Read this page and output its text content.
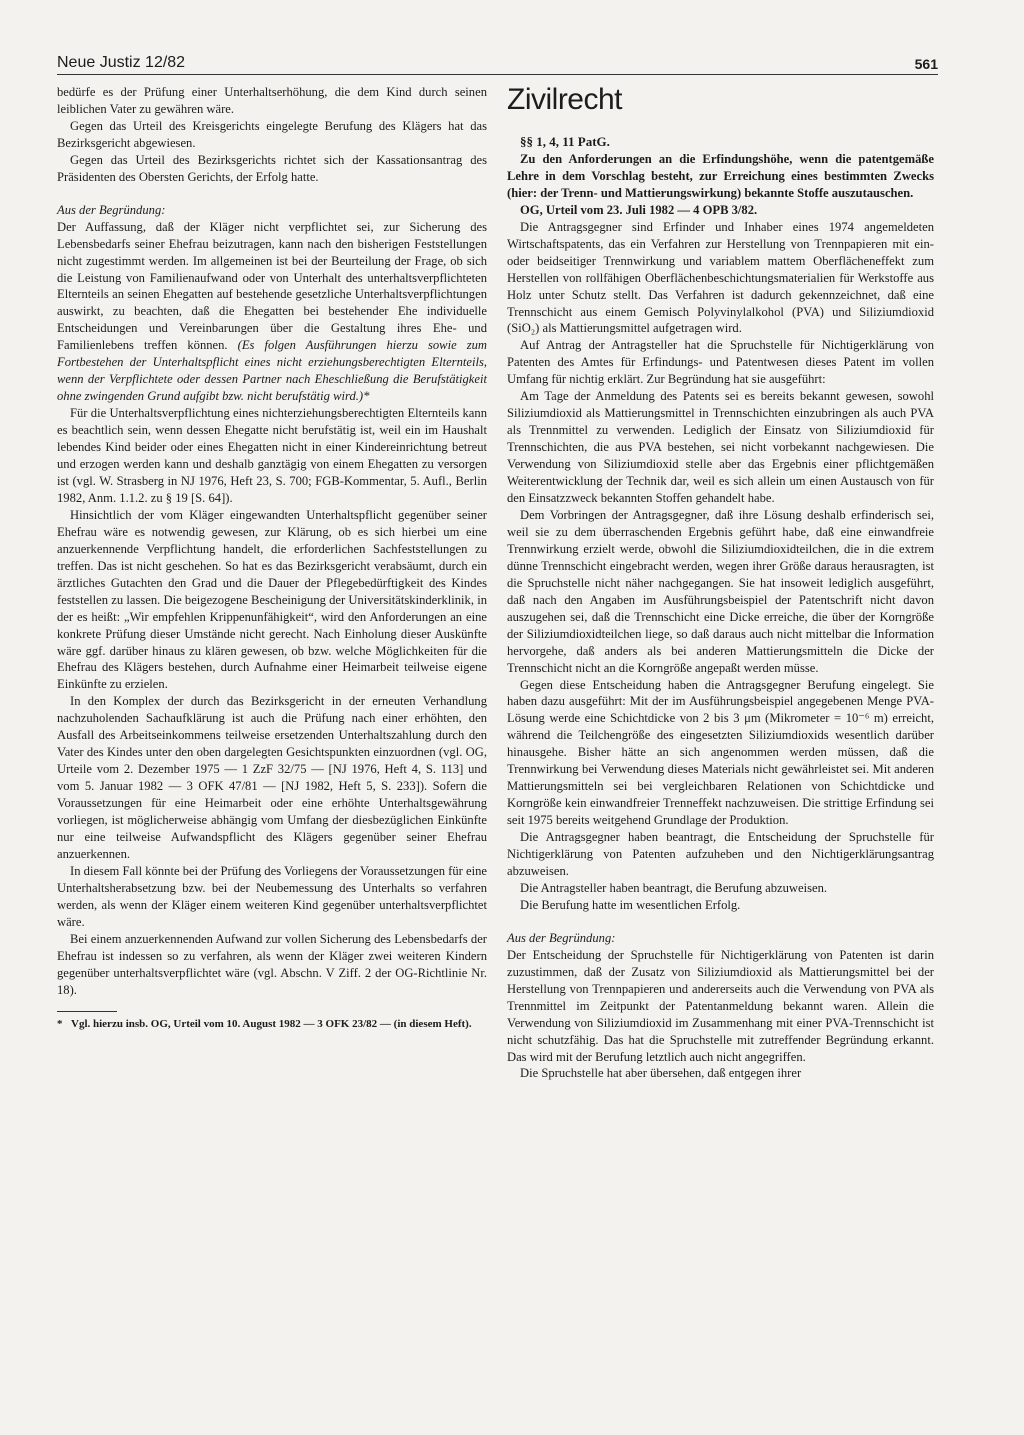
Neue Justiz 12/82	561

bedürfe es der Prüfung einer Unterhaltserhöhung, die dem Kind durch seinen leiblichen Vater zu gewähren wäre.

Gegen das Urteil des Kreisgerichts eingelegte Berufung des Klägers hat das Bezirksgericht abgewiesen.

Gegen das Urteil des Bezirksgerichts richtet sich der Kassationsantrag des Präsidenten des Obersten Gerichts, der Erfolg hatte.

Aus der Begründung:

Der Auffassung, daß der Kläger nicht verpflichtet sei, zur Sicherung des Lebensbedarfs seiner Ehefrau beizutragen, kann nach den bisherigen Feststellungen nicht zugestimmt werden. Im allgemeinen ist bei der Beurteilung der Frage, ob sich die Leistung von Familienaufwand oder von Unterhalt des unterhaltsverpflichteten Elternteils an seinen Ehegatten auf bestehende gesetzliche Unterhaltsverpflichtungen auswirkt, zu beachten, daß die Ehegatten bei bestehender Ehe individuelle Entscheidungen und Vereinbarungen über die Gestaltung ihres Ehe- und Familienlebens treffen können. (Es folgen Ausführungen hierzu sowie zum Fortbestehen der Unterhaltspflicht eines nicht erziehungsberechtigten Elternteils, wenn der Verpflichtete oder dessen Partner nach Eheschließung die Berufstätigkeit ohne zwingenden Grund aufgibt bzw. nicht berufstätig wird.)*

Für die Unterhaltsverpflichtung eines nichterziehungsberechtigten Elternteils kann es beachtlich sein, wenn dessen Ehegatte nicht berufstätig ist, weil ein im Haushalt lebendes Kind beider oder eines Ehegatten nicht in einer Kindereinrichtung betreut und erzogen werden kann und deshalb ganztägig von einem Ehegatten zu versorgen ist (vgl. W. Strasberg in NJ 1976, Heft 23, S. 700; FGB-Kommentar, 5. Aufl., Berlin 1982, Anm. 1.1.2. zu § 19 [S. 64]).

Hinsichtlich der vom Kläger eingewandten Unterhaltspflicht gegenüber seiner Ehefrau wäre es notwendig gewesen, zur Klärung, ob es sich hierbei um eine anzuerkennende Verpflichtung handelt, die erforderlichen Sachfeststellungen zu treffen. Das ist nicht geschehen. So hat es das Bezirksgericht verabsäumt, durch ein ärztliches Gutachten den Grad und die Dauer der Pflegebedürftigkeit des Kindes feststellen zu lassen. Die beigezogene Bescheinigung der Universitätskinderklinik, in der es heißt: „Wir empfehlen Krippenunfähigkeit“, wird den Anforderungen an eine konkrete Prüfung dieser Umstände nicht gerecht. Nach Einholung dieser Auskünfte wäre ggf. darüber hinaus zu klären gewesen, ob bzw. welche Möglichkeiten für die Ehefrau des Klägers bestehen, durch Aufnahme einer Heimarbeit teilweise eigene Einkünfte zu erzielen.

In den Komplex der durch das Bezirksgericht in der erneuten Verhandlung nachzuholenden Sachaufklärung ist auch die Prüfung nach einer erhöhten, den Ausfall des Arbeitseinkommens teilweise ersetzenden Unterhaltszahlung durch den Vater des Kindes unter den oben dargelegten Gesichtspunkten einzuordnen (vgl. OG, Urteile vom 2. Dezember 1975 — 1 ZzF 32/75 — [NJ 1976, Heft 4, S. 113] und vom 5. Januar 1982 — 3 OFK 47/81 — [NJ 1982, Heft 5, S. 233]). Sofern die Voraussetzungen für eine Heimarbeit oder eine erhöhte Unterhaltsgewährung vorliegen, ist möglicherweise abhängig vom Umfang der diesbezüglichen Einkünfte nur eine teilweise Aufwandspflicht des Klägers gegenüber seiner Ehefrau anzuerkennen.

In diesem Fall könnte bei der Prüfung des Vorliegens der Voraussetzungen für eine Unterhaltsherabsetzung bzw. bei der Neubemessung des Unterhalts so verfahren werden, als wenn der Kläger einem weiteren Kind gegenüber unterhaltsverpflichtet wäre.

Bei einem anzuerkennenden Aufwand zur vollen Sicherung des Lebensbedarfs der Ehefrau ist indessen so zu verfahren, als wenn der Kläger zwei weiteren Kindern gegenüber unterhaltsverpflichtet wäre (vgl. Abschn. V Ziff. 2 der OG-Richtlinie Nr. 18).

* Vgl. hierzu insb. OG, Urteil vom 10. August 1982 — 3 OFK 23/82 — (in diesem Heft).

Zivilrecht

§§ 1, 4, 11 PatG.

Zu den Anforderungen an die Erfindungshöhe, wenn die patentgemäße Lehre in dem Vorschlag besteht, zur Erreichung eines bestimmten Zwecks (hier: der Trenn- und Mattierungswirkung) bekannte Stoffe auszutauschen.

OG, Urteil vom 23. Juli 1982 — 4 OPB 3/82.

Die Antragsgegner sind Erfinder und Inhaber eines 1974 angemeldeten Wirtschaftspatents, das ein Verfahren zur Herstellung von Trennpapieren mit ein- oder beidseitiger Trennwirkung und variablem mattem Oberflächeneffekt zum Herstellen von rollfähigen Oberflächenbeschichtungsmaterialien für Werkstoffe aus Holz unter Schutz stellt. Das Verfahren ist dadurch gekennzeichnet, daß eine Trennschicht aus einem Gemisch Polyvinylalkohol (PVA) und Siliziumdioxid (SiO₂) als Mattierungsmittel aufgetragen wird.

Auf Antrag der Antragsteller hat die Spruchstelle für Nichtigerklärung von Patenten des Amtes für Erfindungs- und Patentwesen dieses Patent im vollen Umfang für nichtig erklärt. Zur Begründung hat sie ausgeführt:

Am Tage der Anmeldung des Patents sei es bereits bekannt gewesen, sowohl Siliziumdioxid als Mattierungsmittel in Trennschichten einzubringen als auch PVA als Trennmittel zu verwenden. Lediglich der Einsatz von Siliziumdioxid für Trennschichten, die aus PVA bestehen, sei nicht vorbekannt nachgewiesen. Die Verwendung von Siliziumdioxid stelle aber das Ergebnis einer pflichtgemäßen Weiterentwicklung der Technik dar, weil es sich allein um einen Austausch von für den Einsatzzweck bekannten Stoffen gehandelt habe.

Dem Vorbringen der Antragsgegner, daß ihre Lösung deshalb erfinderisch sei, weil sie zu dem überraschenden Ergebnis geführt habe, daß eine einwandfreie Trennwirkung erzielt werde, obwohl die Siliziumdioxidteilchen, die in die extrem dünne Trennschicht eingebracht werden, wegen ihrer Größe daraus herausragten, ist die Spruchstelle nicht näher nachgegangen. Sie hat insoweit lediglich ausgeführt, daß nach den Angaben im Ausführungsbeispiel der Patentschrift nicht davon auszugehen sei, daß die Trennschicht eine Dicke erreiche, die über der Korngröße der Siliziumdioxidteilchen liege, so daß daraus auch nicht mittelbar die Information hervorgehe, daß anders als bei anderen Mattierungsmitteln die Dicke der Trennschicht nicht an die Korngröße angepaßt werden müsse.

Gegen diese Entscheidung haben die Antragsgegner Berufung eingelegt. Sie haben dazu ausgeführt: Mit der im Ausführungsbeispiel angegebenen Menge PVA-Lösung werde eine Schichtdicke von 2 bis 3 μm (Mikrometer = 10⁻⁶ m) erreicht, während die Teilchengröße des eingesetzten Siliziumdioxids wesentlich darüber hinausgehe. Bisher hätte an sich angenommen werden müssen, daß die Trennwirkung bei Verwendung dieses Materials nicht gewährleistet sei. Mit anderen Mattierungsmitteln sei bei vergleichbaren Relationen von Schichtdicke und Korngröße kein einwandfreier Trenneffekt nachzuweisen. Die strittige Erfindung sei seit 1975 bereits weitgehend Grundlage der Produktion.

Die Antragsgegner haben beantragt, die Entscheidung der Spruchstelle für Nichtigerklärung von Patenten aufzuheben und den Nichtigerklärungsantrag abzuweisen.

Die Antragsteller haben beantragt, die Berufung abzuweisen.

Die Berufung hatte im wesentlichen Erfolg.

Aus der Begründung:

Der Entscheidung der Spruchstelle für Nichtigerklärung von Patenten ist darin zuzustimmen, daß der Zusatz von Siliziumdioxid als Mattierungsmittel bei der Herstellung von Trennpapieren und andererseits auch die Verwendung von PVA als Trennmittel im Zeitpunkt der Patentanmeldung bekannt waren. Allein die Verwendung von Siliziumdioxid im Zusammenhang mit einer PVA-Trennschicht ist nicht schutzfähig. Das hat die Spruchstelle mit zutreffender Begründung erkannt. Das wird mit der Berufung letztlich auch nicht angegriffen.

Die Spruchstelle hat aber übersehen, daß entgegen ihrer
